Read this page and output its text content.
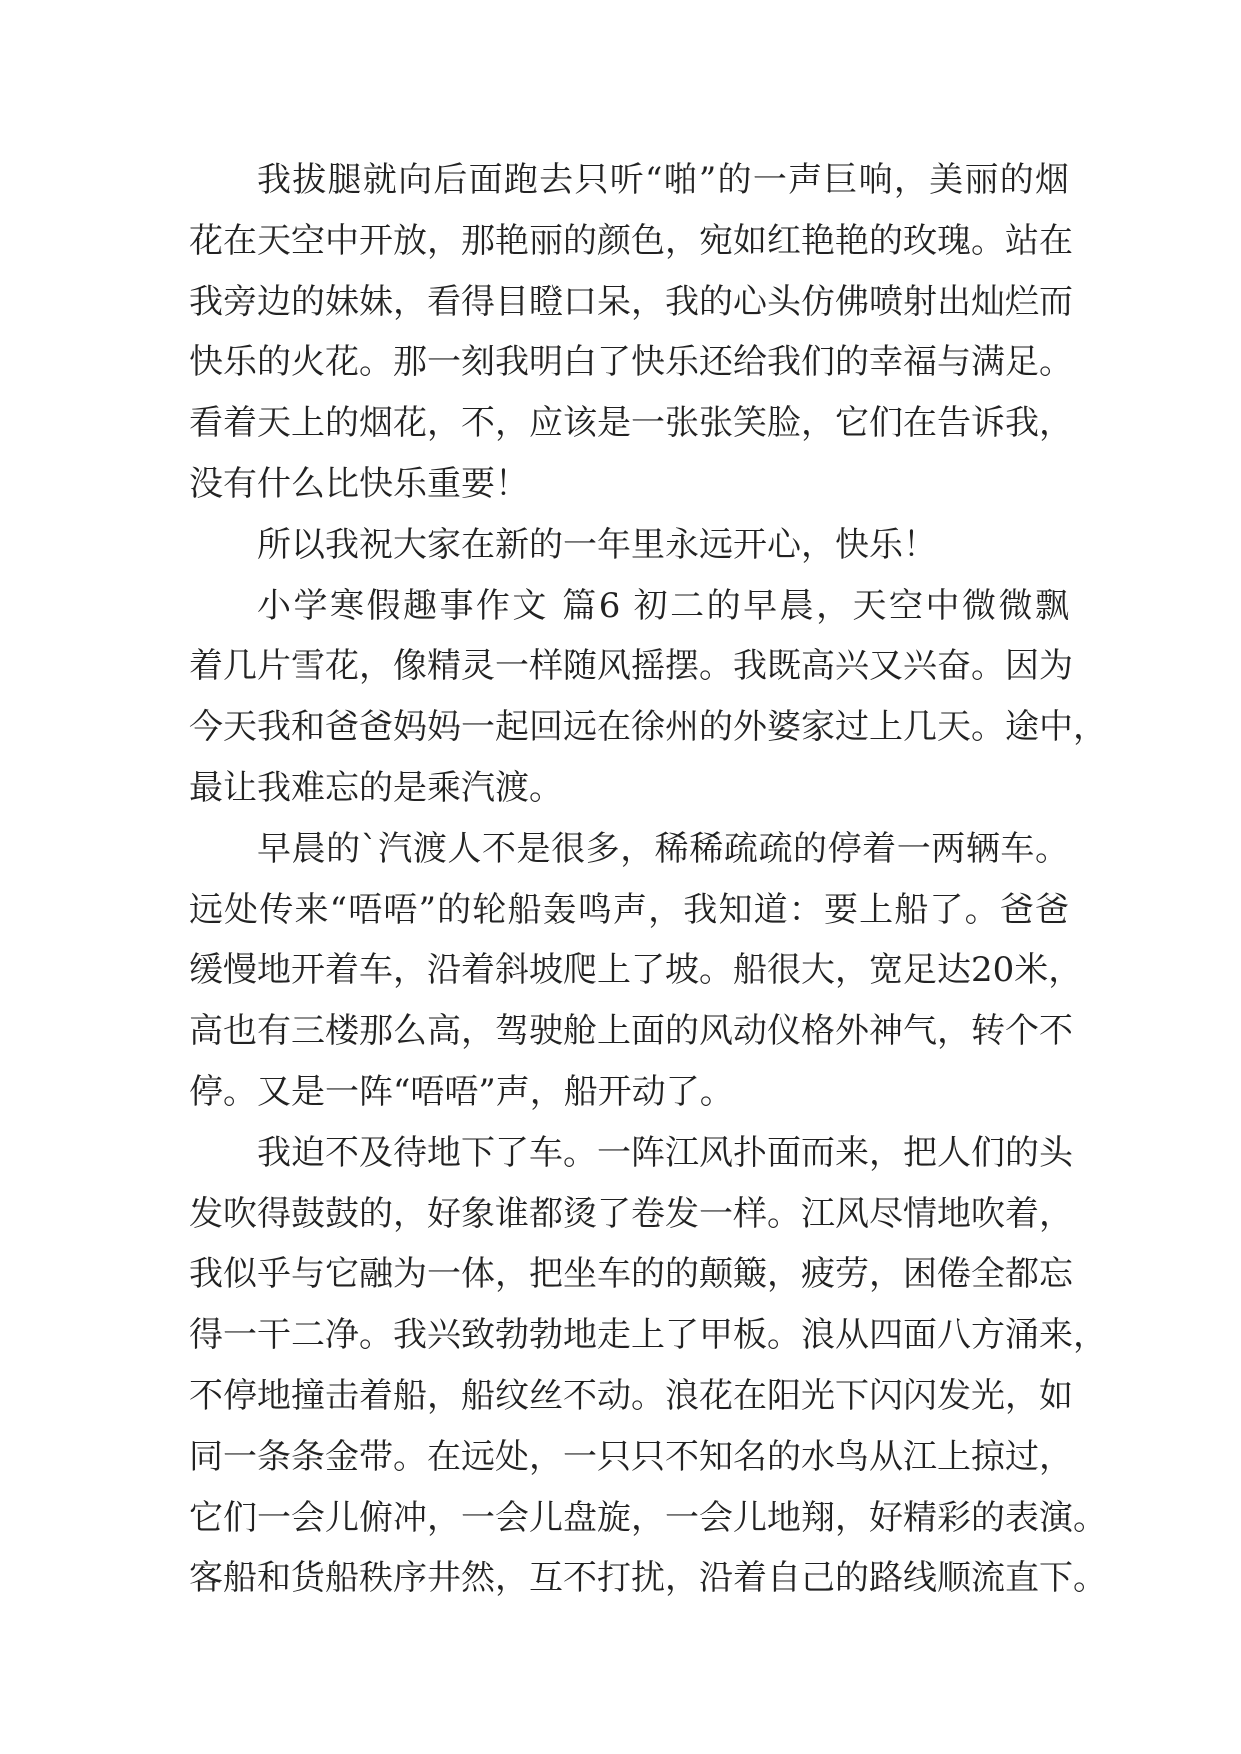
我拔腿就向后面跑去只听“啪”的一声巨响，美丽的烟
花在天空中开放，那艳丽的颜色，宛如红艳艳的玫瑰。站在
我旁边的妹妹，看得目瞪口呆，我的心头仿佛喷射出灿烂而
快乐的火花。那一刻我明白了快乐还给我们的幸福与满足。
看着天上的烟花，不，应该是一张张笑脸，它们在告诉我，
没有什么比快乐重要！
所以我祝大家在新的一年里永远开心，快乐！
小学寒假趣事作文 篇6 初二的早晨，天空中微微飘
着几片雪花，像精灵一样随风摇摆。我既高兴又兴奋。因为
今天我和爸爸妈妈一起回远在徐州的外婆家过上几天。途中，
最让我难忘的是乘汽渡。
早晨的`汽渡人不是很多，稀稀疏疏的停着一两辆车。
远处传来“唔唔”的轮船轰鸣声，我知道：要上船了。爸爸
缓慢地开着车，沿着斜坡爬上了坡。船很大，宽足达20米，
高也有三楼那么高，驾驶舱上面的风动仪格外神气，转个不
停。又是一阵“唔唔”声，船开动了。
我迫不及待地下了车。一阵江风扑面而来，把人们的头
发吹得鼓鼓的，好象谁都烫了卷发一样。江风尽情地吹着，
我似乎与它融为一体，把坐车的的颠簸，疲劳，困倦全都忘
得一干二净。我兴致勃勃地走上了甲板。浪从四面八方涌来，
不停地撞击着船，船纹丝不动。浪花在阳光下闪闪发光，如
同一条条金带。在远处，一只只不知名的水鸟从江上掠过，
它们一会儿俯冲，一会儿盘旋，一会儿地翔，好精彩的表演。
客船和货船秩序井然，互不打扰，沿着自己的路线顺流直下。
